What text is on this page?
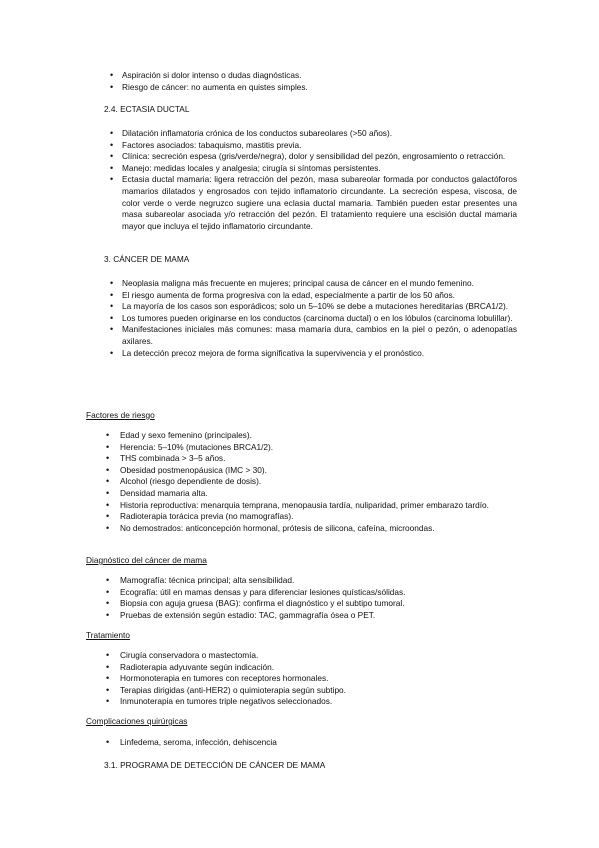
• Aspiración si dolor intenso o dudas diagnósticas.
• Riesgo de cáncer: no aumenta en quistes simples.
2.4. ECTASIA DUCTAL
• Dilatación inflamatoria crónica de los conductos subareolares (>50 años).
• Factores asociados: tabaquismo, mastitis previa.
• Clínica: secreción espesa (gris/verde/negra), dolor y sensibilidad del pezón, engrosamiento o retracción.
• Manejo: medidas locales y analgesia; cirugía si síntomas persistentes.
• Ectasia ductal mamaria: ligera retracción del pezón, masa subareolar formada por conductos galactóforos mamarios dilatados y engrosados con tejido inflamatorio circundante. La secreción espesa, viscosa, de color verde o verde negruzco sugiere una eclasia ductal mamaria. También pueden estar presentes una masa subareolar asociada y/o retracción del pezón. El tratamiento requiere una escisión ductal mamaria mayor que incluya el tejido inflamatorio circundante.
3. CÁNCER DE MAMA
• Neoplasia maligna más frecuente en mujeres; principal causa de cáncer en el mundo femenino.
• El riesgo aumenta de forma progresiva con la edad, especialmente a partir de los 50 años.
• La mayoría de los casos son esporádicos; solo un 5–10% se debe a mutaciones hereditarias (BRCA1/2).
• Los tumores pueden originarse en los conductos (carcinoma ductal) o en los lóbulos (carcinoma lobulillar).
• Manifestaciones iniciales más comunes: masa mamaria dura, cambios en la piel o pezón, o adenopatías axilares.
• La detección precoz mejora de forma significativa la supervivencia y el pronóstico.
Factores de riesgo
• Edad y sexo femenino (principales).
• Herencia: 5–10% (mutaciones BRCA1/2).
• THS combinada > 3–5 años.
• Obesidad postmenopáusica (IMC > 30).
• Alcohol (riesgo dependiente de dosis).
• Densidad mamaria alta.
• Historia reproductiva: menarquia temprana, menopausia tardía, nuliparidad, primer embarazo tardío.
• Radioterapia torácica previa (no mamografías).
• No demostrados: anticoncepción hormonal, prótesis de silicona, cafeína, microondas.
Diagnóstico del cáncer de mama
• Mamografía: técnica principal; alta sensibilidad.
• Ecografía: útil en mamas densas y para diferenciar lesiones quísticas/sólidas.
• Biopsia con aguja gruesa (BAG): confirma el diagnóstico y el subtipo tumoral.
• Pruebas de extensión según estadio: TAC, gammagrafía ósea o PET.
Tratamiento
• Cirugía conservadora o mastectomía.
• Radioterapia adyuvante según indicación.
• Hormonoterapia en tumores con receptores hormonales.
• Terapias dirigidas (anti-HER2) o quimioterapia según subtipo.
• Inmunoterapia en tumores triple negativos seleccionados.
Complicaciones quirúrgicas
• Linfedema, seroma, infección, dehiscencia
3.1. PROGRAMA DE DETECCIÓN DE CÁNCER DE MAMA
